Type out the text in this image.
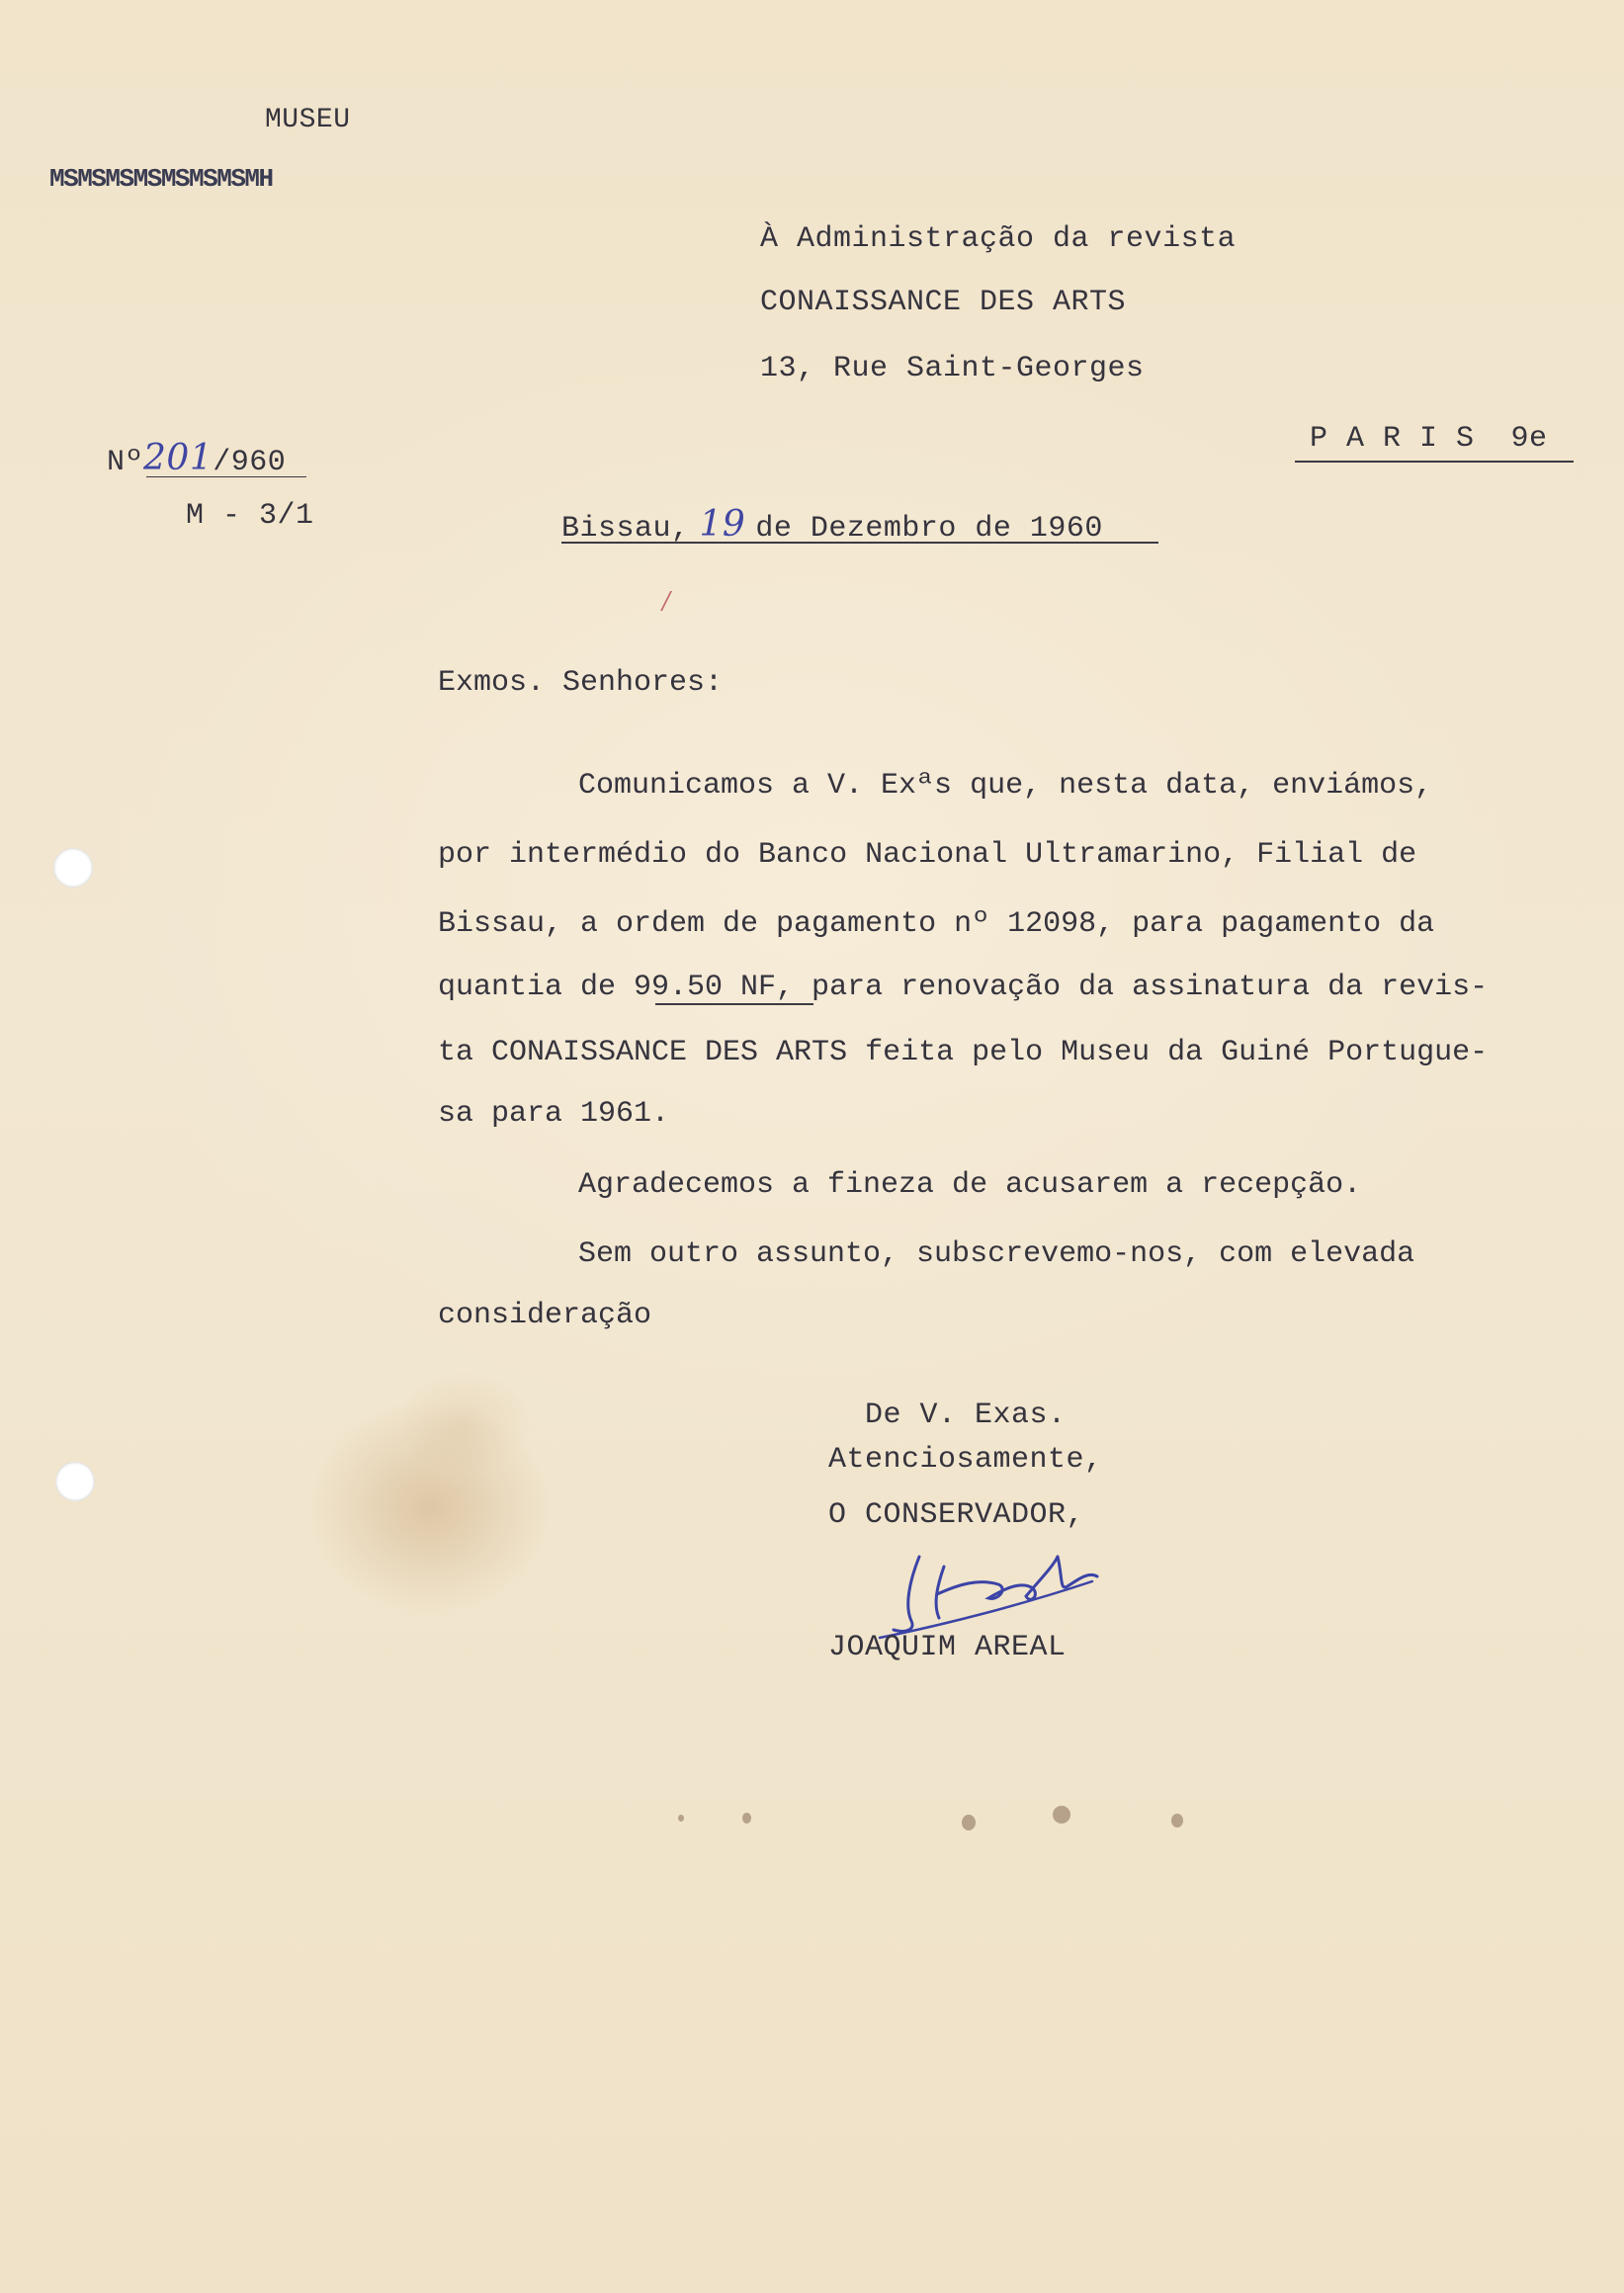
MUSEU
MSMSMSMSMSMSMSMH
À Administração da revista
CONAISSANCE DES ARTS
13, Rue Saint-Georges
P A R I S  9e
Nº201/960
M - 3/1	Bissau, 19 de Dezembro de 1960
/
Exmos. Senhores:
Comunicamos a V. Exªs que, nesta data, enviámos,
por intermédio do Banco Nacional Ultramarino, Filial de
Bissau, a ordem de pagamento nº 12098, para pagamento da
quantia de 99.50 NF, para renovação da assinatura da revis-
ta CONAISSANCE DES ARTS feita pelo Museu da Guiné Portugue-
sa para 1961.
Agradecemos a fineza de acusarem a recepção.
Sem outro assunto, subscrevemo-nos, com elevada
consideração
De V. Exas.
Atenciosamente,
O CONSERVADOR,
JOAQUIM AREAL
